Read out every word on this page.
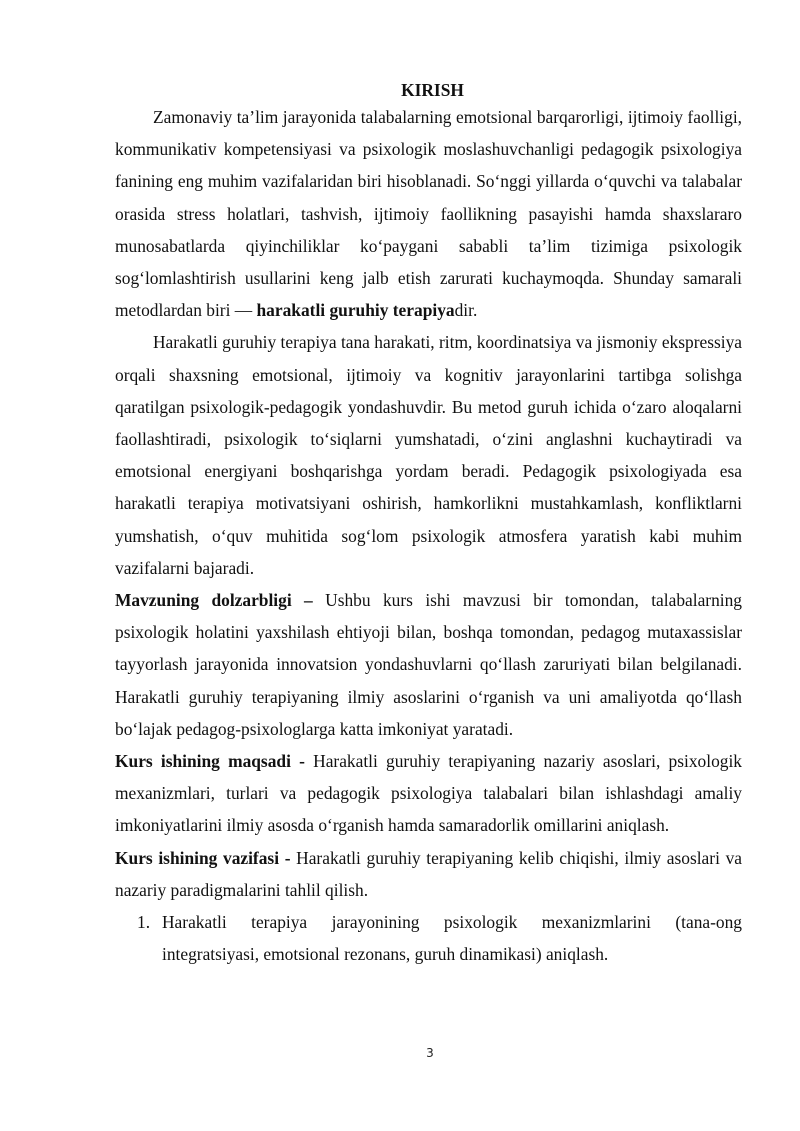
KIRISH

Zamonaviy ta’lim jarayonida talabalarning emotsional barqarorligi, ijtimoiy faolligi, kommunikativ kompetensiyasi va psixologik moslashuvchanligi pedagogik psixologiya fanining eng muhim vazifalaridan biri hisoblanadi. So‘nggi yillarda o‘quvchi va talabalar orasida stress holatlari, tashvish, ijtimoiy faollikning pasayishi hamda shaxslararo munosabatlarda qiyinchiliklar ko‘paygani sababli ta’lim tizimiga psixologik sog‘lomlashtirish usullarini keng jalb etish zarurati kuchaymoqda. Shunday samarali metodlardan biri — harakatli guruhiy terapiyadir.

Harakatli guruhiy terapiya tana harakati, ritm, koordinatsiya va jismoniy ekspressiya orqali shaxsning emotsional, ijtimoiy va kognitiv jarayonlarini tartibga solishga qaratilgan psixologik-pedagogik yondashuvdir. Bu metod guruh ichida o‘zaro aloqalarni faollashtiradi, psixologik to‘siqlarni yumshatadi, o‘zini anglashni kuchaytiradi va emotsional energiyani boshqarishga yordam beradi. Pedagogik psixologiyada esa harakatli terapiya motivatsiyani oshirish, hamkorlikni mustahkamlash, konfliktlarni yumshatish, o‘quv muhitida sog‘lom psixologik atmosfera yaratish kabi muhim vazifalarni bajaradi.

Mavzuning dolzarbligi – Ushbu kurs ishi mavzusi bir tomondan, talabalarning psixologik holatini yaxshilash ehtiyoji bilan, boshqa tomondan, pedagog mutaxassislar tayyorlash jarayonida innovatsion yondashuvlarni qo‘llash zaruriyati bilan belgilanadi. Harakatli guruhiy terapiyaning ilmiy asoslarini o‘rganish va uni amaliyotda qo‘llash bo‘lajak pedagog-psixologlarga katta imkoniyat yaratadi.

Kurs ishining maqsadi - Harakatli guruhiy terapiyaning nazariy asoslari, psixologik mexanizmlari, turlari va pedagogik psixologiya talabalari bilan ishlashdagi amaliy imkoniyatlarini ilmiy asosda o‘rganish hamda samaradorlik omillarini aniqlash.

Kurs ishining vazifasi - Harakatli guruhiy terapiyaning kelib chiqishi, ilmiy asoslari va nazariy paradigmalarini tahlil qilish.

1. Harakatli terapiya jarayonining psixologik mexanizmlarini (tana-ong integratsiyasi, emotsional rezonans, guruh dinamikasi) aniqlash.
3
